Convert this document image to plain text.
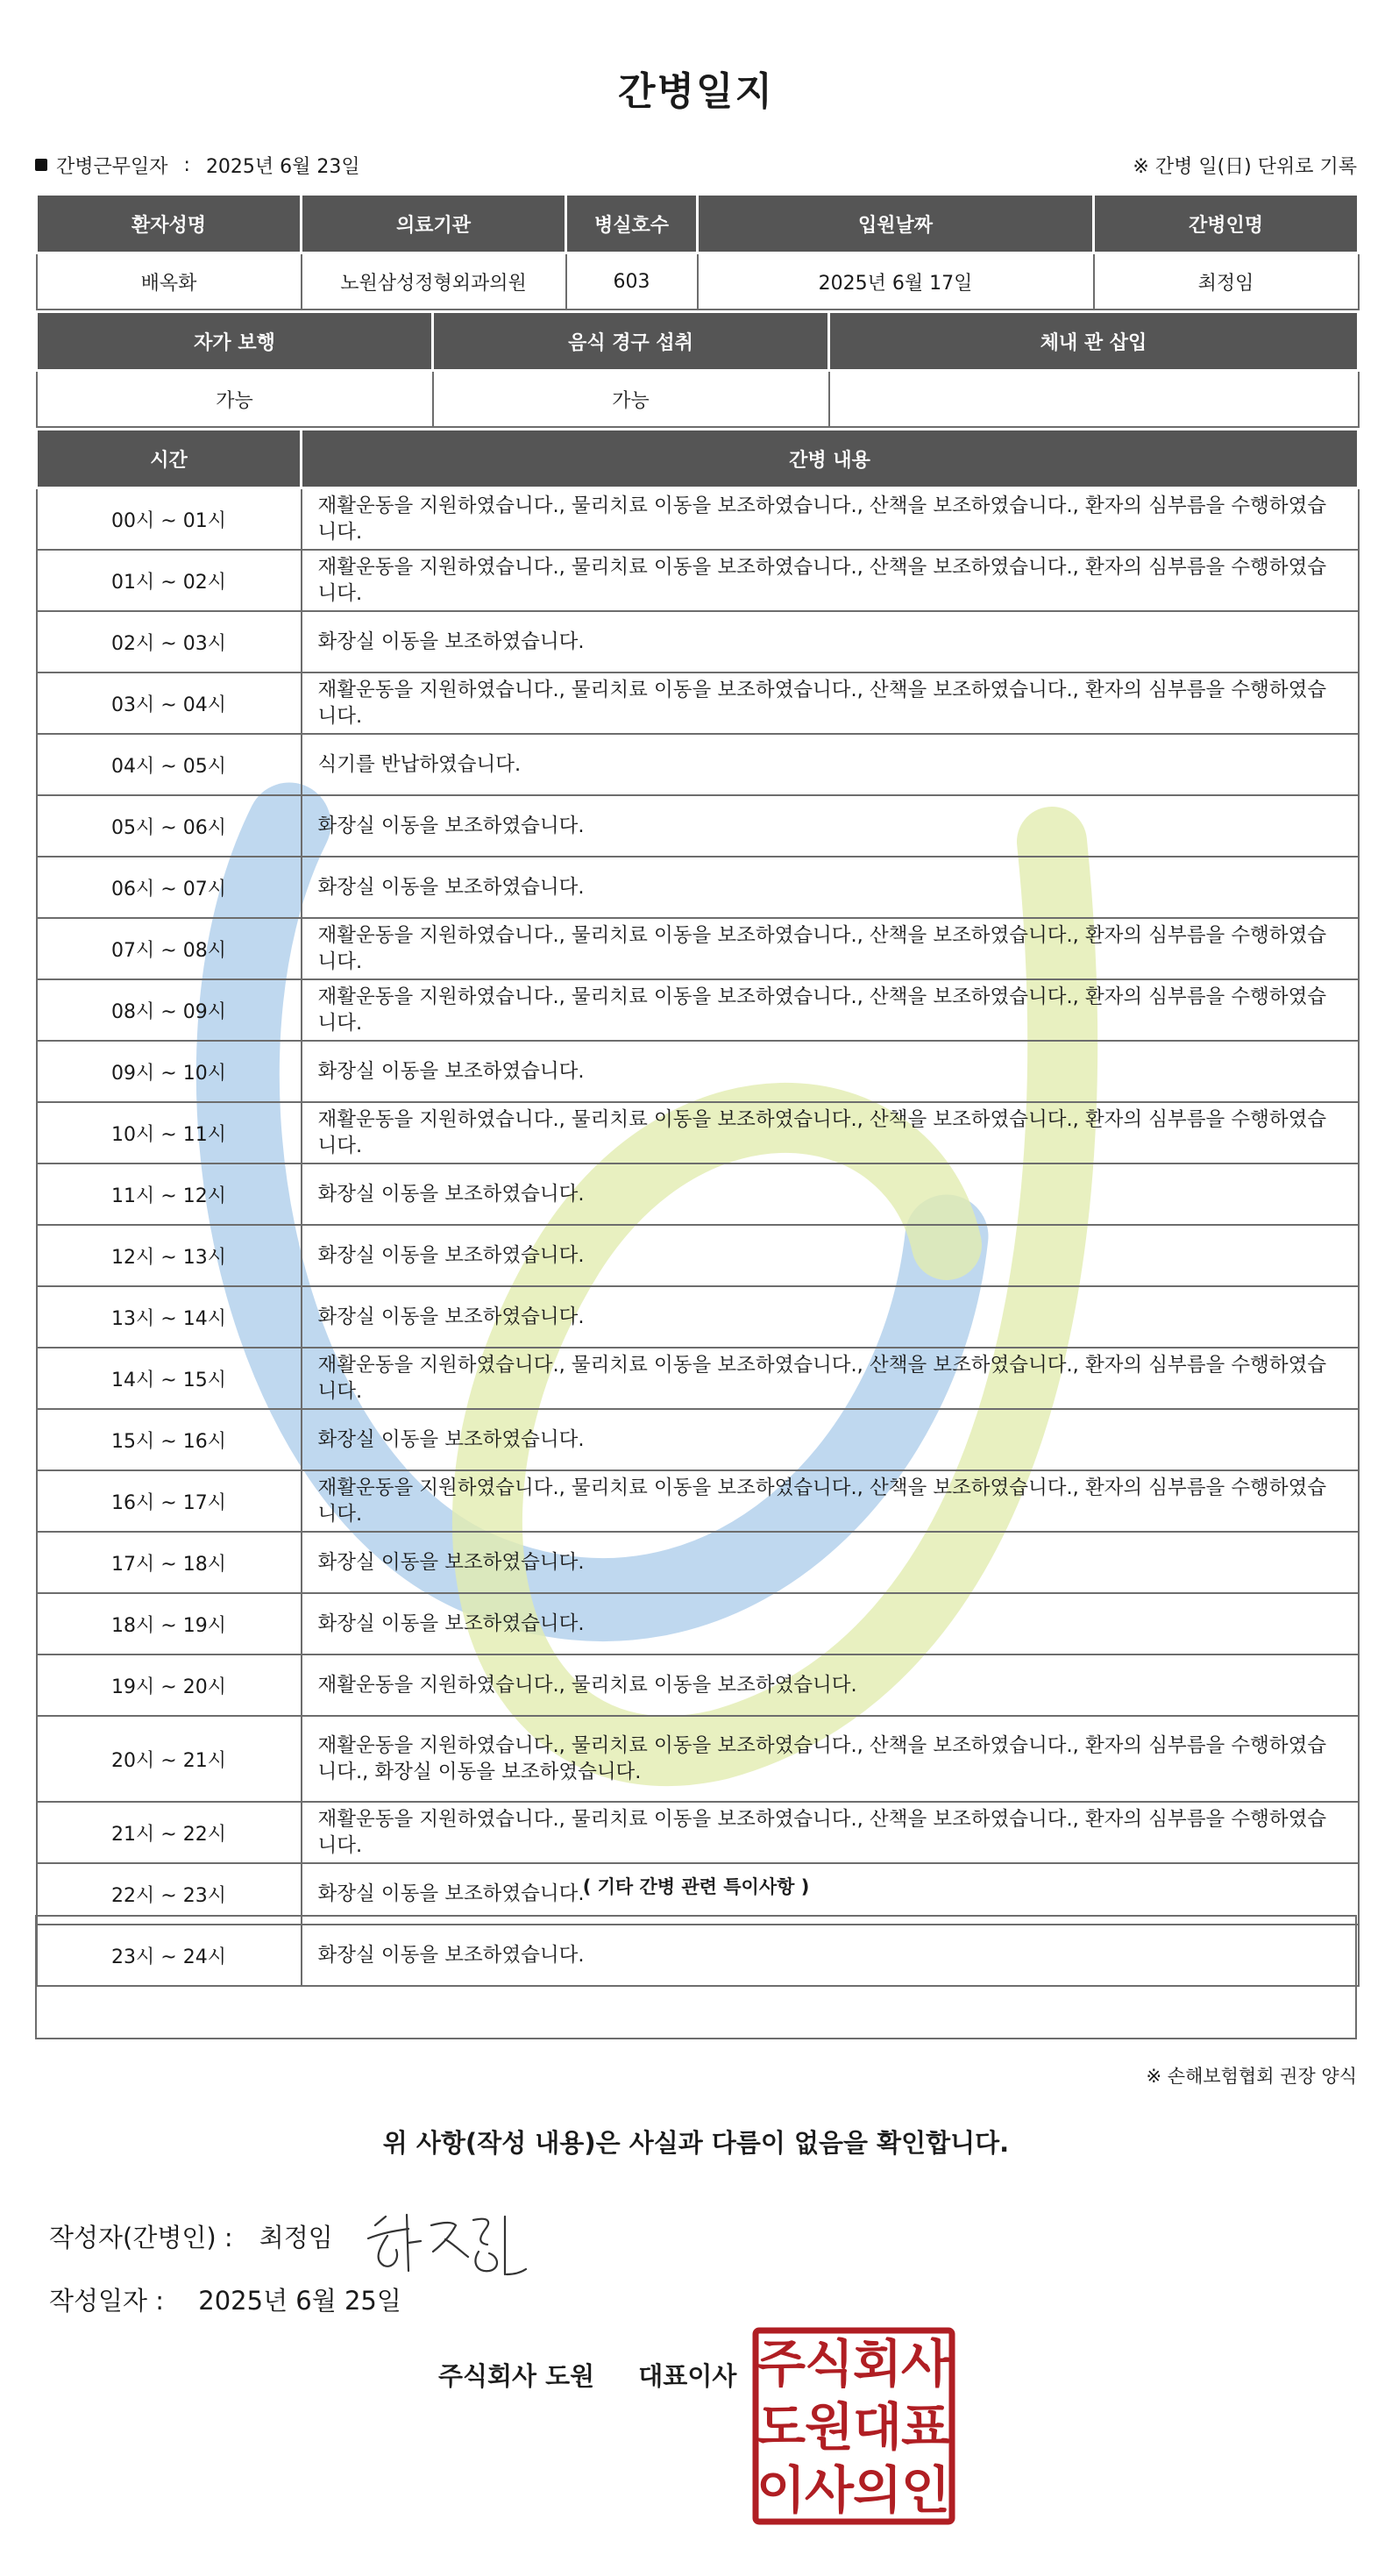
간병일지
간병근무일자 : 2025년 6월 23일	※ 간병 일(日) 단위로 기록
환자성명	의료기관	병실호수	입원날짜	간병인명
배옥화	노원삼성정형외과의원	603	2025년 6월 17일	최정임
자가 보행	음식 경구 섭취	체내 관 삽입
가능	가능	
시간	간병 내용
00시 ~ 01시	재활운동을 지원하였습니다., 물리치료 이동을 보조하였습니다., 산책을 보조하였습니다., 환자의 심부름을 수행하였습니다.
01시 ~ 02시	재활운동을 지원하였습니다., 물리치료 이동을 보조하였습니다., 산책을 보조하였습니다., 환자의 심부름을 수행하였습니다.
02시 ~ 03시	화장실 이동을 보조하였습니다.
03시 ~ 04시	재활운동을 지원하였습니다., 물리치료 이동을 보조하였습니다., 산책을 보조하였습니다., 환자의 심부름을 수행하였습니다.
04시 ~ 05시	식기를 반납하였습니다.
05시 ~ 06시	화장실 이동을 보조하였습니다.
06시 ~ 07시	화장실 이동을 보조하였습니다.
07시 ~ 08시	재활운동을 지원하였습니다., 물리치료 이동을 보조하였습니다., 산책을 보조하였습니다., 환자의 심부름을 수행하였습니다.
08시 ~ 09시	재활운동을 지원하였습니다., 물리치료 이동을 보조하였습니다., 산책을 보조하였습니다., 환자의 심부름을 수행하였습니다.
09시 ~ 10시	화장실 이동을 보조하였습니다.
10시 ~ 11시	재활운동을 지원하였습니다., 물리치료 이동을 보조하였습니다., 산책을 보조하였습니다., 환자의 심부름을 수행하였습니다.
11시 ~ 12시	화장실 이동을 보조하였습니다.
12시 ~ 13시	화장실 이동을 보조하였습니다.
13시 ~ 14시	화장실 이동을 보조하였습니다.
14시 ~ 15시	재활운동을 지원하였습니다., 물리치료 이동을 보조하였습니다., 산책을 보조하였습니다., 환자의 심부름을 수행하였습니다.
15시 ~ 16시	화장실 이동을 보조하였습니다.
16시 ~ 17시	재활운동을 지원하였습니다., 물리치료 이동을 보조하였습니다., 산책을 보조하였습니다., 환자의 심부름을 수행하였습니다.
17시 ~ 18시	화장실 이동을 보조하였습니다.
18시 ~ 19시	화장실 이동을 보조하였습니다.
19시 ~ 20시	재활운동을 지원하였습니다., 물리치료 이동을 보조하였습니다.
20시 ~ 21시	재활운동을 지원하였습니다., 물리치료 이동을 보조하였습니다., 산책을 보조하였습니다., 환자의 심부름을 수행하였습니다., 화장실 이동을 보조하였습니다.
21시 ~ 22시	재활운동을 지원하였습니다., 물리치료 이동을 보조하였습니다., 산책을 보조하였습니다., 환자의 심부름을 수행하였습니다.
22시 ~ 23시	화장실 이동을 보조하였습니다.
23시 ~ 24시	화장실 이동을 보조하였습니다.
( 기타 간병 관련 특이사항 )
※ 손해보험협회 권장 양식
위 사항(작성 내용)은 사실과 다름이 없음을 확인합니다.
작성자(간병인) : 최정임
작성일자 : 2025년 6월 25일
주식회사 도원 대표이사 주
식
회
사
도
원
대
표
이
사
의
인
